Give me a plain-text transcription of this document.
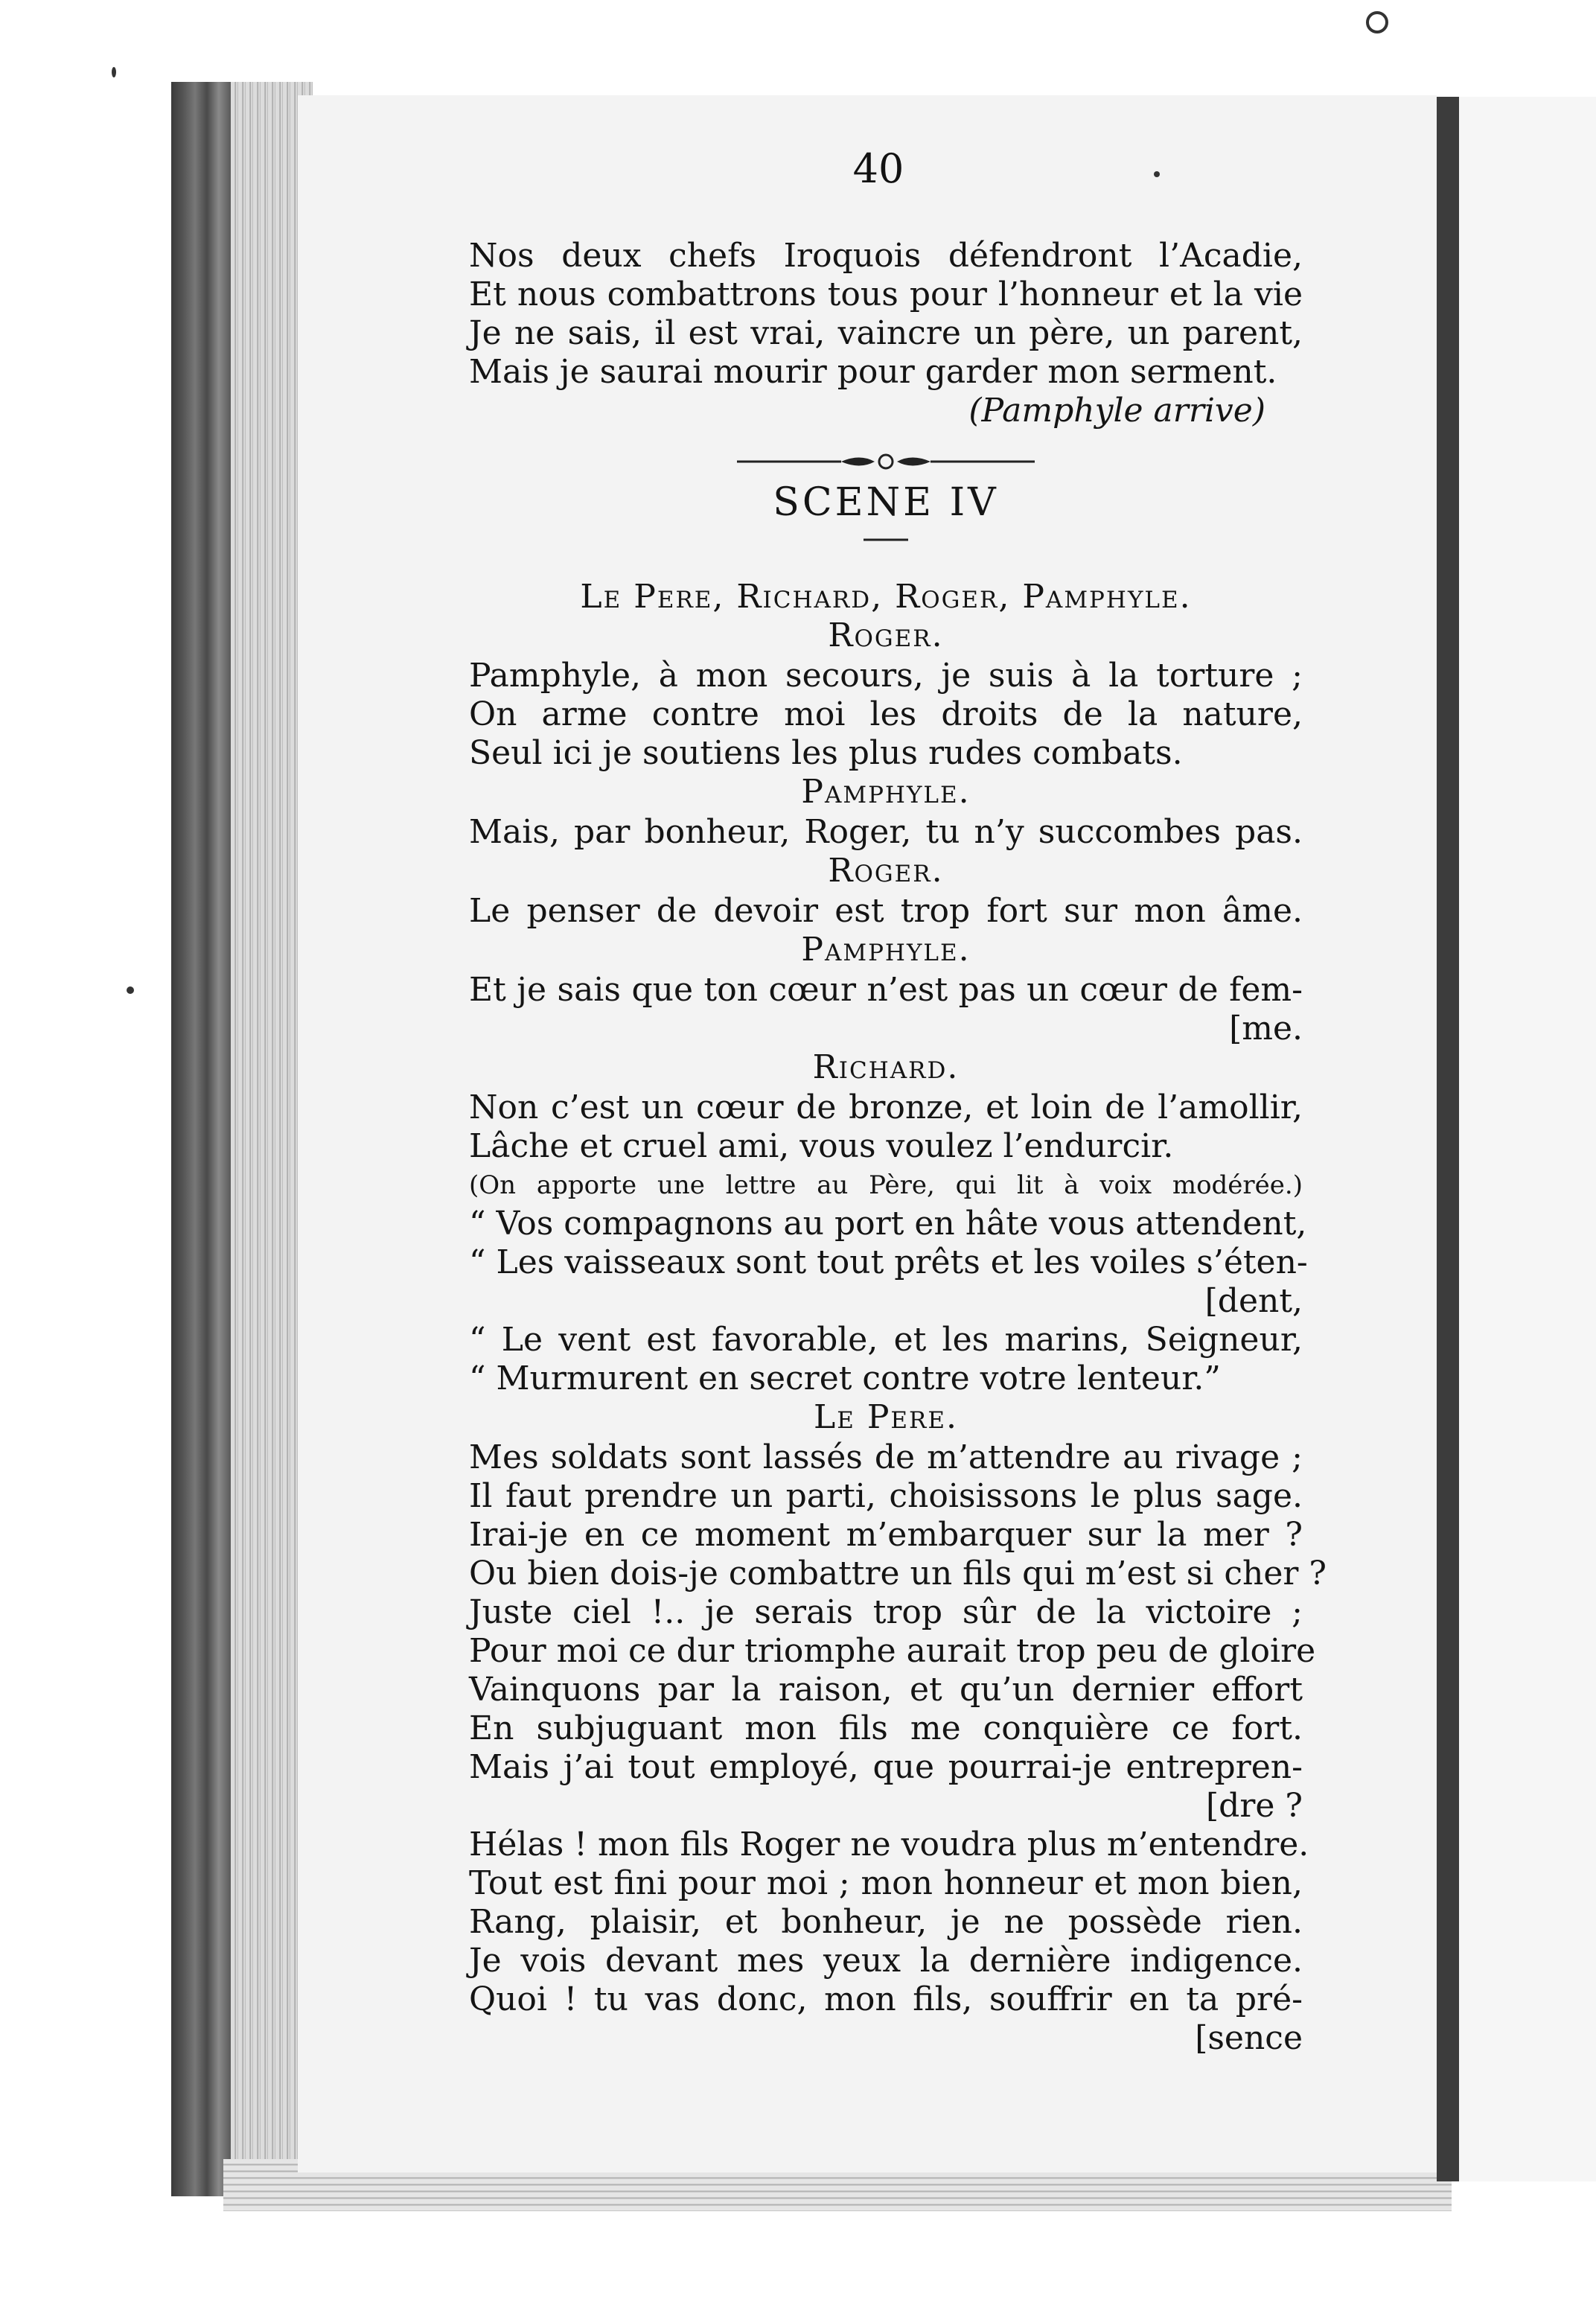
40
Nos deux chefs Iroquois défendront l’Acadie,
Et nous combattrons tous pour l’honneur et la vie
Je ne sais, il est vrai, vaincre un père, un parent,
Mais je saurai mourir pour garder mon serment.
(Pamphyle arrive)
SCENE IV
Le Pere, Richard, Roger, Pamphyle.
Roger.
Pamphyle, à mon secours, je suis à la torture ;
On arme contre moi les droits de la nature,
Seul ici je soutiens les plus rudes combats.
Pamphyle.
Mais, par bonheur, Roger, tu n’y succombes pas.
Roger.
Le penser de devoir est trop fort sur mon âme.
Pamphyle.
Et je sais que ton cœur n’est pas un cœur de fem-
[me.
Richard.
Non c’est un cœur de bronze, et loin de l’amollir,
Lâche et cruel ami, vous voulez l’endurcir.
(On apporte une lettre au Père, qui lit à voix modérée.)
“ Vos compagnons au port en hâte vous attendent,
“ Les vaisseaux sont tout prêts et les voiles s’éten-
[dent,
“ Le vent est favorable, et les marins, Seigneur,
“ Murmurent en secret contre votre lenteur.”
Le Pere.
Mes soldats sont lassés de m’attendre au rivage ;
Il faut prendre un parti, choisissons le plus sage.
Irai-je en ce moment m’embarquer sur la mer ?
Ou bien dois-je combattre un fils qui m’est si cher ?
Juste ciel !.. je serais trop sûr de la victoire ;
Pour moi ce dur triomphe aurait trop peu de gloire
Vainquons par la raison, et qu’un dernier effort
En subjuguant mon fils me conquière ce fort.
Mais j’ai tout employé, que pourrai-je entrepren-
[dre ?
Hélas ! mon fils Roger ne voudra plus m’entendre.
Tout est fini pour moi ; mon honneur et mon bien,
Rang, plaisir, et bonheur, je ne possède rien.
Je vois devant mes yeux la dernière indigence.
Quoi ! tu vas donc, mon fils, souffrir en ta pré-
[sence
